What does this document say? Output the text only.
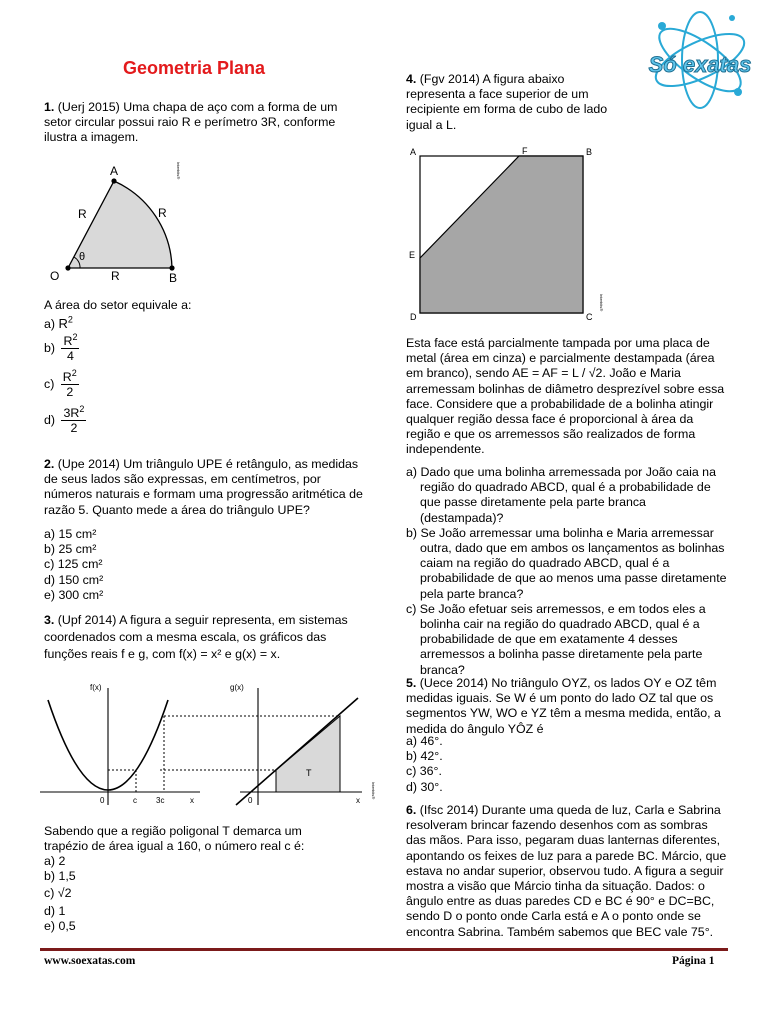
Geometria Plana	Só exatas
1. (Uerj 2015) Uma chapa de aço com a forma de um setor circular possui raio R e perímetro 3R, conforme ilustra a imagem.
A
O	B
R	R
R
θ
Interbits®
A área do setor equivale a:
a) $R^2$
$b) \frac{R^2}{4}$
$c) \frac{R^2}{2}$
$d) \frac{3R^2}{2}$
2. (Upe 2014) Um triângulo UPE é retângulo, as medidas de seus lados são expressas, em centímetros, por números naturais e formam uma progressão aritmética de razão 5. Quanto mede a área do triângulo UPE?
a) 15 cm²
b) 25 cm²
c) 125 cm²
d) 150 cm²
e) 300 cm²
3. (Upf 2014) A figura a seguir representa, em sistemas coordenados com a mesma escala, os gráficos das funções reais f e g, com f(x) = x² e g(x) = x.
f(x)
0	c 3c	x
g(x)
0	x
T
Interbits®
Sabendo que a região poligonal T demarca um trapézio de área igual a 160, o número real c é:
a) 2
b) 1,5
c) √2
d) 1
e) 0,5
4. (Fgv 2014) A figura abaixo representa a face superior de um recipiente em forma de cubo de lado igual a L.
A	B
C
D
E
F
Interbits®
Esta face está parcialmente tampada por uma placa de metal (área em cinza) e parcialmente destampada (área em branco), sendo AE = AF = L / √2. João e Maria arremessam bolinhas de diâmetro desprezível sobre essa face. Considere que a probabilidade de a bolinha atingir qualquer região dessa face é proporcional à área da região e que os arremessos são realizados de forma independente.
a) Dado que uma bolinha arremessada por João caia na região do quadrado ABCD, qual é a probabilidade de que passe diretamente pela parte branca (destampada)?
b) Se João arremessar uma bolinha e Maria arremessar outra, dado que em ambos os lançamentos as bolinhas caiam na região do quadrado ABCD, qual é a probabilidade de que ao menos uma passe diretamente pela parte branca?
c) Se João efetuar seis arremessos, e em todos eles a bolinha cair na região do quadrado ABCD, qual é a probabilidade de que em exatamente 4 desses arremessos a bolinha passe diretamente pela parte branca?
5. (Uece 2014) No triângulo OYZ, os lados OY e OZ têm medidas iguais. Se W é um ponto do lado OZ tal que os segmentos YW, WO e YZ têm a mesma medida, então, a medida do ângulo YÔZ é
a) 46°.
b) 42°.
c) 36°.
d) 30°.
6. (Ifsc 2014) Durante uma queda de luz, Carla e Sabrina resolveram brincar fazendo desenhos com as sombras das mãos. Para isso, pegaram duas lanternas diferentes, apontando os feixes de luz para a parede BC. Márcio, que estava no andar superior, observou tudo. A figura a seguir mostra a visão que Márcio tinha da situação. Dados: o ângulo entre as duas paredes CD e BC é 90° e DC=BC, sendo D o ponto onde Carla está e A o ponto onde se encontra Sabrina. Também sabemos que BEC vale 75°.
www.soexatas.com	Página 1
